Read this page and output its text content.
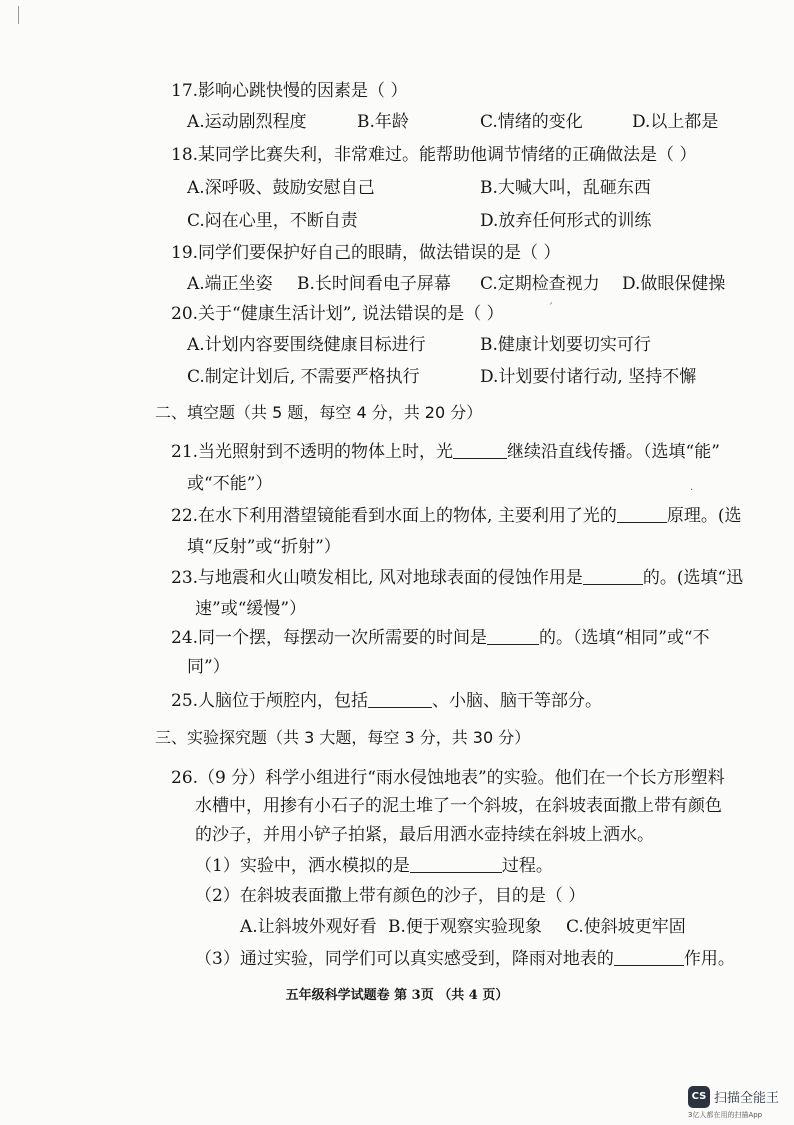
17.影响心跳快慢的因素是（ ）
A.运动剧烈程度	B.年龄	C.情绪的变化	D.以上都是
18.某同学比赛失利，非常难过。能帮助他调节情绪的正确做法是（ ）
A.深呼吸、鼓励安慰自己	B.大喊大叫，乱砸东西
C.闷在心里，不断自责	D.放弃任何形式的训练
19.同学们要保护好自己的眼睛，做法错误的是（ ）
A.端正坐姿 B.长时间看电子屏幕 C.定期检查视力 D.做眼保健操
20.关于“健康生活计划”, 说法错误的是（ ）
A.计划内容要围绕健康目标进行	B.健康计划要切实可行
C.制定计划后, 不需要严格执行	D.计划要付诸行动, 坚持不懈
二、填空题（共 5 题，每空 4 分，共 20 分）
21.当光照射到不透明的物体上时，光	继续沿直线传播。（选填“能”
或“不能”）
22.在水下利用潜望镜能看到水面上的物体, 主要利用了光的	原理。(选
填“反射”或“折射”）
23.与地震和火山喷发相比, 风对地球表面的侵蚀作用是	的。(选填“迅
速”或“缓慢”）
24.同一个摆，每摆动一次所需要的时间是	的。（选填“相同”或“不
同”）
25.人脑位于颅腔内，包括	、小脑、脑干等部分。
三、实验探究题（共 3 大题，每空 3 分，共 30 分）
26.（9 分）科学小组进行“雨水侵蚀地表”的实验。他们在一个长方形塑料
水槽中，用掺有小石子的泥土堆了一个斜坡，在斜坡表面撒上带有颜色
的沙子，并用小铲子拍紧，最后用洒水壶持续在斜坡上洒水。
（1）实验中，洒水模拟的是	过程。
（2）在斜坡表面撒上带有颜色的沙子，目的是（ ）
A.让斜坡外观好看 B.便于观察实验现象 C.使斜坡更牢固
（3）通过实验，同学们可以真实感受到，降雨对地表的	作用。
ˊ
·
五年级科学试题卷 第 3页 （共 4 页）
CS 扫描全能王
3亿人都在用的扫描App
